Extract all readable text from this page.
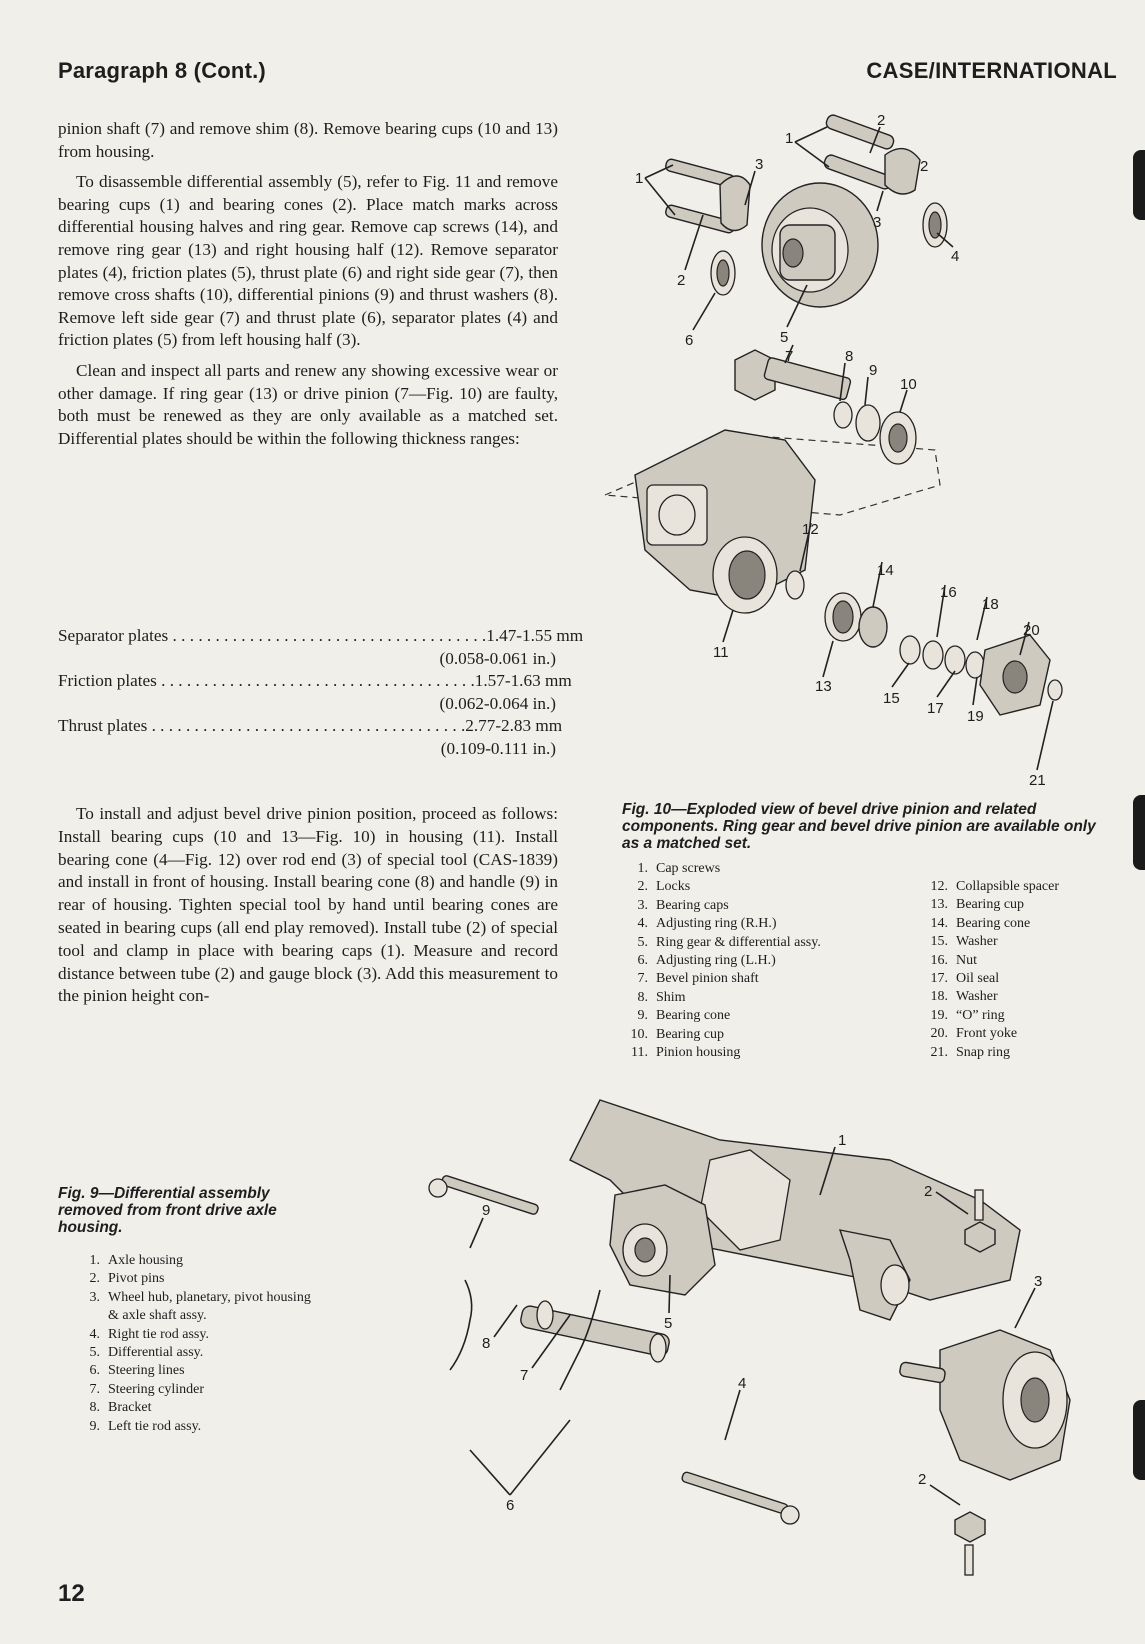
Paragraph 8 (Cont.)	CASE/INTERNATIONAL

pinion shaft (7) and remove shim (8). Remove bearing cups (10 and 13) from housing.

To disassemble differential assembly (5), refer to Fig. 11 and remove bearing cups (1) and bearing cones (2). Place match marks across differential housing halves and ring gear. Remove cap screws (14), and remove ring gear (13) and right housing half (12). Remove separator plates (4), friction plates (5), thrust plate (6) and right side gear (7), then remove cross shafts (10), differential pinions (9) and thrust washers (8). Remove left side gear (7) and thrust plate (6), separator plates (4) and friction plates (5) from left housing half (3).

Clean and inspect all parts and renew any showing excessive wear or other damage. If ring gear (13) or drive pinion (7—Fig. 10) are faulty, both must be renewed as they are only available as a matched set. Differential plates should be within the following thickness ranges:

Separator plates . . . . . . . . . . . . . . . . . . . . . . . . . . . . . . . . . . . . . 1.47-1.55 mm
(0.058-0.061 in.)
Friction plates . . . . . . . . . . . . . . . . . . . . . . . . . . . . . . . . . . . . . 1.57-1.63 mm
(0.062-0.064 in.)
Thrust plates . . . . . . . . . . . . . . . . . . . . . . . . . . . . . . . . . . . . . 2.77-2.83 mm
(0.109-0.111 in.)
To install and adjust bevel drive pinion position, proceed as follows: Install bearing cups (10 and 13—Fig. 10) in housing (11). Install bearing cone (4—Fig. 12) over rod end (3) of special tool (CAS-1839) and install in front of housing. Install bearing cone (8) and handle (9) in rear of housing. Tighten special tool by hand until bearing cones are seated in bearing cups (all end play removed). Install tube (2) of special tool and clamp in place with bearing caps (1). Measure and record distance between tube (2) and gauge block (3). Add this measurement to the pinion height con-
1
2
3
1
2
3
4
2
5
6
7	8
9
10
12
11
13
14
15
16
17
18
19
20
21
Fig. 10—Exploded view of bevel drive pinion and related components. Ring gear and bevel drive pinion are available only as a matched set.
1. Cap screws
2. Locks
3. Bearing caps
4. Adjusting ring (R.H.)
5. Ring gear & differential assy.
6. Adjusting ring (L.H.)
7. Bevel pinion shaft
8. Shim
9. Bearing cone
10. Bearing cup
11. Pinion housing
12. Collapsible spacer
13. Bearing cup
14. Bearing cone
15. Washer
16. Nut
17. Oil seal
18. Washer
19. “O” ring
20. Front yoke
21. Snap ring
1
9
2
3
8
7
5
4
6
2
Fig. 9—Differential assembly removed from front drive axle housing.
1. Axle housing
2. Pivot pins
3. Wheel hub, planetary, pivot housing & axle shaft assy.
4. Right tie rod assy.
5. Differential assy.
6. Steering lines
7. Steering cylinder
8. Bracket
9. Left tie rod assy.
12
